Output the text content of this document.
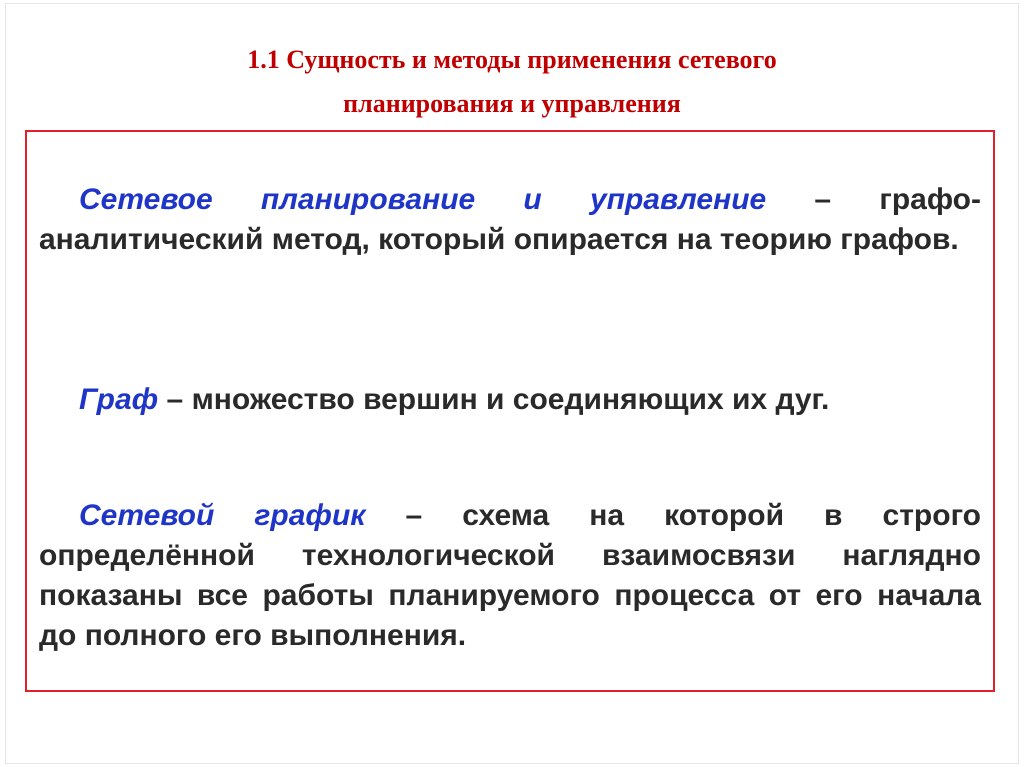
1.1 Сущность и методы применения сетевого
планирования и управления

Сетевое планирование и управление – графо-аналитический метод, который опирается на теорию графов.

Граф – множество вершин и соединяющих их дуг.

Сетевой график – схема на которой в строго определённой технологической взаимосвязи наглядно показаны все работы планируемого процесса от его начала до полного его выполнения.
